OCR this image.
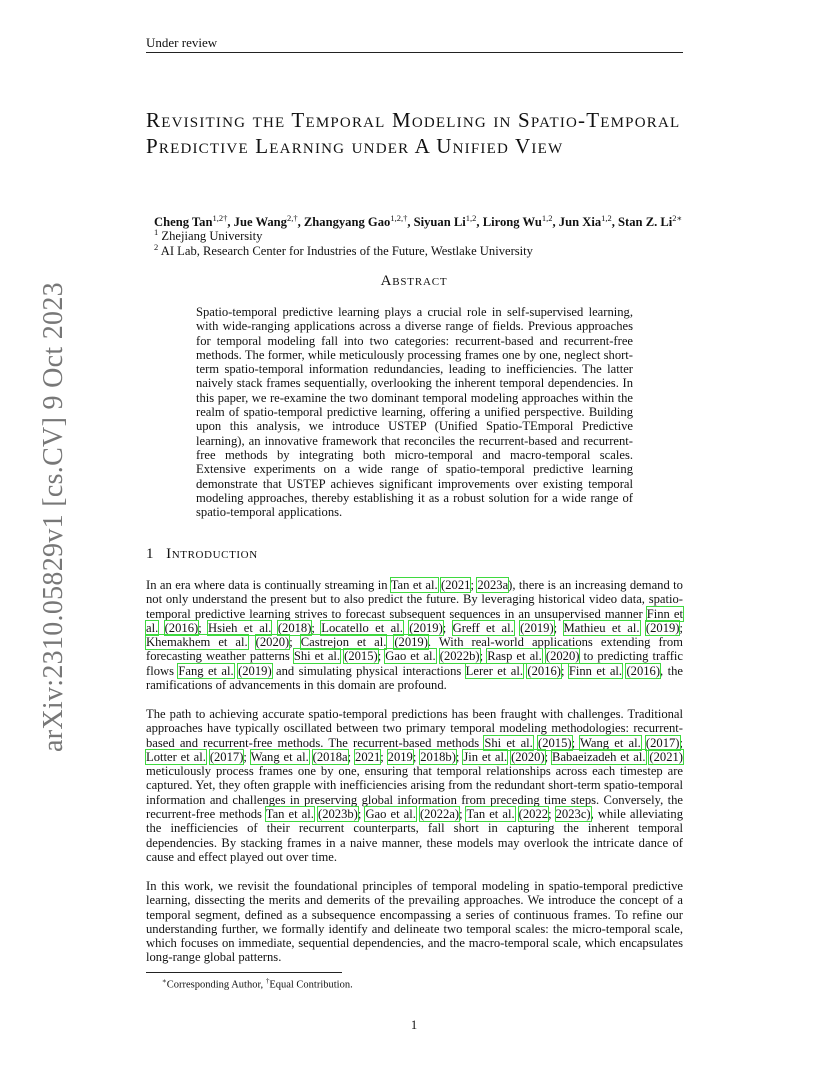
Under review
arXiv:2310.05829v1 [cs.CV] 9 Oct 2023
Revisiting the Temporal Modeling in Spatio-Temporal Predictive Learning under A Unified View
Cheng Tan$^{1,2\dagger}$, Jue Wang$^{2,\dagger}$, Zhangyang Gao$^{1,2,\dagger}$, Siyuan Li$^{1,2}$, Lirong Wu$^{1,2}$, Jun Xia$^{1,2}$, Stan Z. $Li^{2∗}$
$^1$ Zhejiang University
$^2$ AI Lab, Research Center for Industries of the Future, Westlake University
Abstract

Spatio-temporal predictive learning plays a crucial role in self-supervised learning, with wide-ranging applications across a diverse range of fields. Previous approaches for temporal modeling fall into two categories: recurrent-based and recurrent-free methods. The former, while meticulously processing frames one by one, neglect short-term spatio-temporal information redundancies, leading to inefficiencies. The latter naively stack frames sequentially, overlooking the inherent temporal dependencies. In this paper, we re-examine the two dominant temporal modeling approaches within the realm of spatio-temporal predictive learning, offering a unified perspective. Building upon this analysis, we introduce USTEP (Unified Spatio-TEmporal Predictive learning), an innovative framework that reconciles the recurrent-based and recurrent-free methods by integrating both micro-temporal and macro-temporal scales. Extensive experiments on a wide range of spatio-temporal predictive learning demonstrate that USTEP achieves significant improvements over existing temporal modeling approaches, thereby establishing it as a robust solution for a wide range of spatio-temporal applications.

1 Introduction

In an era where data is continually streaming in Tan et al. (2021; 2023a), there is an increasing demand to not only understand the present but to also predict the future. By leveraging historical video data, spatio-temporal predictive learning strives to forecast subsequent sequences in an unsupervised manner Finn et al. (2016); Hsieh et al. (2018); Locatello et al. (2019); Greff et al. (2019); Mathieu et al. (2019); Khemakhem et al. (2020); Castrejon et al. (2019). With real-world applications extending from forecasting weather patterns Shi et al. (2015); Gao et al. (2022b); Rasp et al. (2020) to predicting traffic flows Fang et al. (2019) and simulating physical interactions Lerer et al. (2016); Finn et al. (2016), the ramifications of advancements in this domain are profound.

The path to achieving accurate spatio-temporal predictions has been fraught with challenges. Traditional approaches have typically oscillated between two primary temporal modeling methodologies: recurrent-based and recurrent-free methods. The recurrent-based methods Shi et al. (2015); Wang et al. (2017); Lotter et al. (2017); Wang et al. (2018a; 2021; 2019; 2018b); Jin et al. (2020); Babaeizadeh et al. (2021) meticulously process frames one by one, ensuring that temporal relationships across each timestep are captured. Yet, they often grapple with inefficiencies arising from the redundant short-term spatio-temporal information and challenges in preserving global information from preceding time steps. Conversely, the recurrent-free methods Tan et al. (2023b); Gao et al. (2022a); Tan et al. (2022; 2023c), while alleviating the inefficiencies of their recurrent counterparts, fall short in capturing the inherent temporal dependencies. By stacking frames in a naive manner, these models may overlook the intricate dance of cause and effect played out over time.

In this work, we revisit the foundational principles of temporal modeling in spatio-temporal predictive learning, dissecting the merits and demerits of the prevailing approaches. We introduce the concept of a temporal segment, defined as a subsequence encompassing a series of continuous frames. To refine our understanding further, we formally identify and delineate two temporal scales: the micro-temporal scale, which focuses on immediate, sequential dependencies, and the macro-temporal scale, which encapsulates long-range global patterns.

∗Corresponding Author, †Equal Contribution.
1
